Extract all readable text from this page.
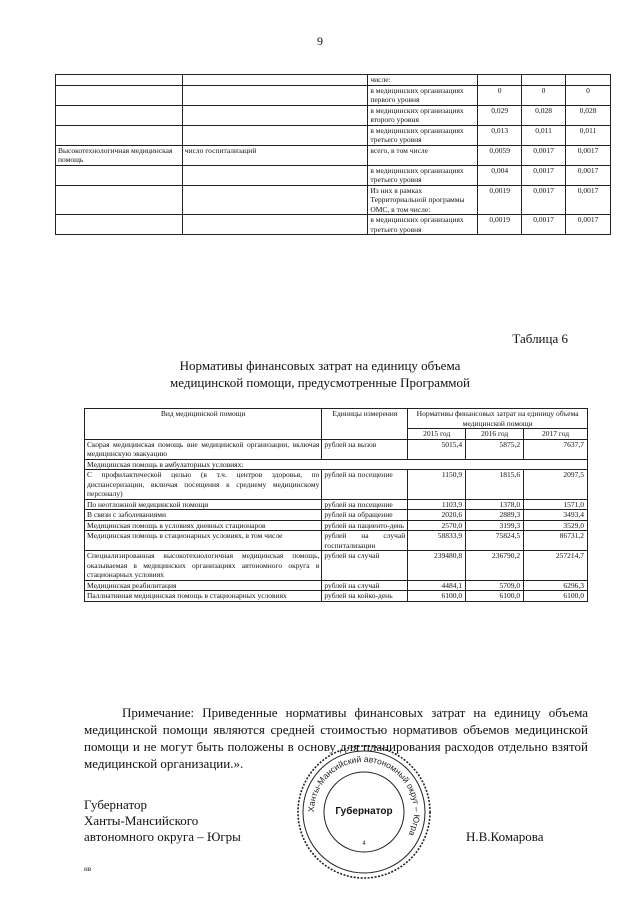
9
		числе:			
		в медицинских организациях первого уровня	0	0	0
		в медицинских организациях второго уровня	0,029	0,028	0,028
		в медицинских организациях третьего уровня	0,013	0,011	0,011
Высокотехнологичная медицинская помощь	число госпитализаций	всего, в том числе	0,0059	0,0017	0,0017
		в медицинских организациях третьего уровня	0,004	0,0017	0,0017
		Из них в рамках Территориальной программы ОМС, в том числе:	0,0019	0,0017	0,0017
		в медицинских организациях третьего уровня	0,0019	0,0017	0,0017
Таблица 6
Нормативы финансовых затрат на единицу объема
медицинской помощи, предусмотренные Программой
Вид медицинской помощи	Единицы измерения	Нормативы финансовых затрат на единицу объема медицинской помощи		
		2015 год	2016 год	2017 год
Скорая медицинская помощь вне медицинской организации, включая медицинскую эвакуацию	рублей на вызов	5015,4	5875,2	7637,7
Медицинская помощь в амбулаторных условиях:				
С профилактической целью (в т.ч. центров здоровья, по диспансеризации, включая посещения к среднему медицинскому персоналу)	рублей на посещение	1150,9	1815,6	2097,5
По неотложной медицинской помощи	рублей на посещение	1103,9	1378,0	1571,0
В связи с заболеваниями	рублей на обращение	2020,6	2889,3	3493,4
Медицинская помощь в условиях дневных стационаров	рублей на пациенто-день	2570,0	3199,3	3529,0
Медицинская помощь в стационарных условиях, в том числе	рублей на случай госпитализации	58833,9	75824,5	86731,2
Специализированная высокотехнологичная медицинская помощь, оказываемая в медицинских организациях автономного округа в стационарных условиях	рублей на случай	239480,8	236790,2	257214,7
Медицинская реабилитация	рублей на случай	4484,1	5709,0	6296,3
Паллиативная медицинская помощь в стационарных условиях	рублей на койко-день	6100,0	6100,0	6100,0
Примечание: Приведенные нормативы финансовых затрат на единицу объема медицинской помощи являются средней стоимостью нормативов объемов медицинской помощи и не могут быть положены в основу для планирования расходов отдельно взятой медицинской организации.».
Губернатор
Ханты-Мансийского
автономного округа – Югры
Ханты-Мансийский автономный округ – Югра
4
Губернатор
Н.В.Комарова
нв
